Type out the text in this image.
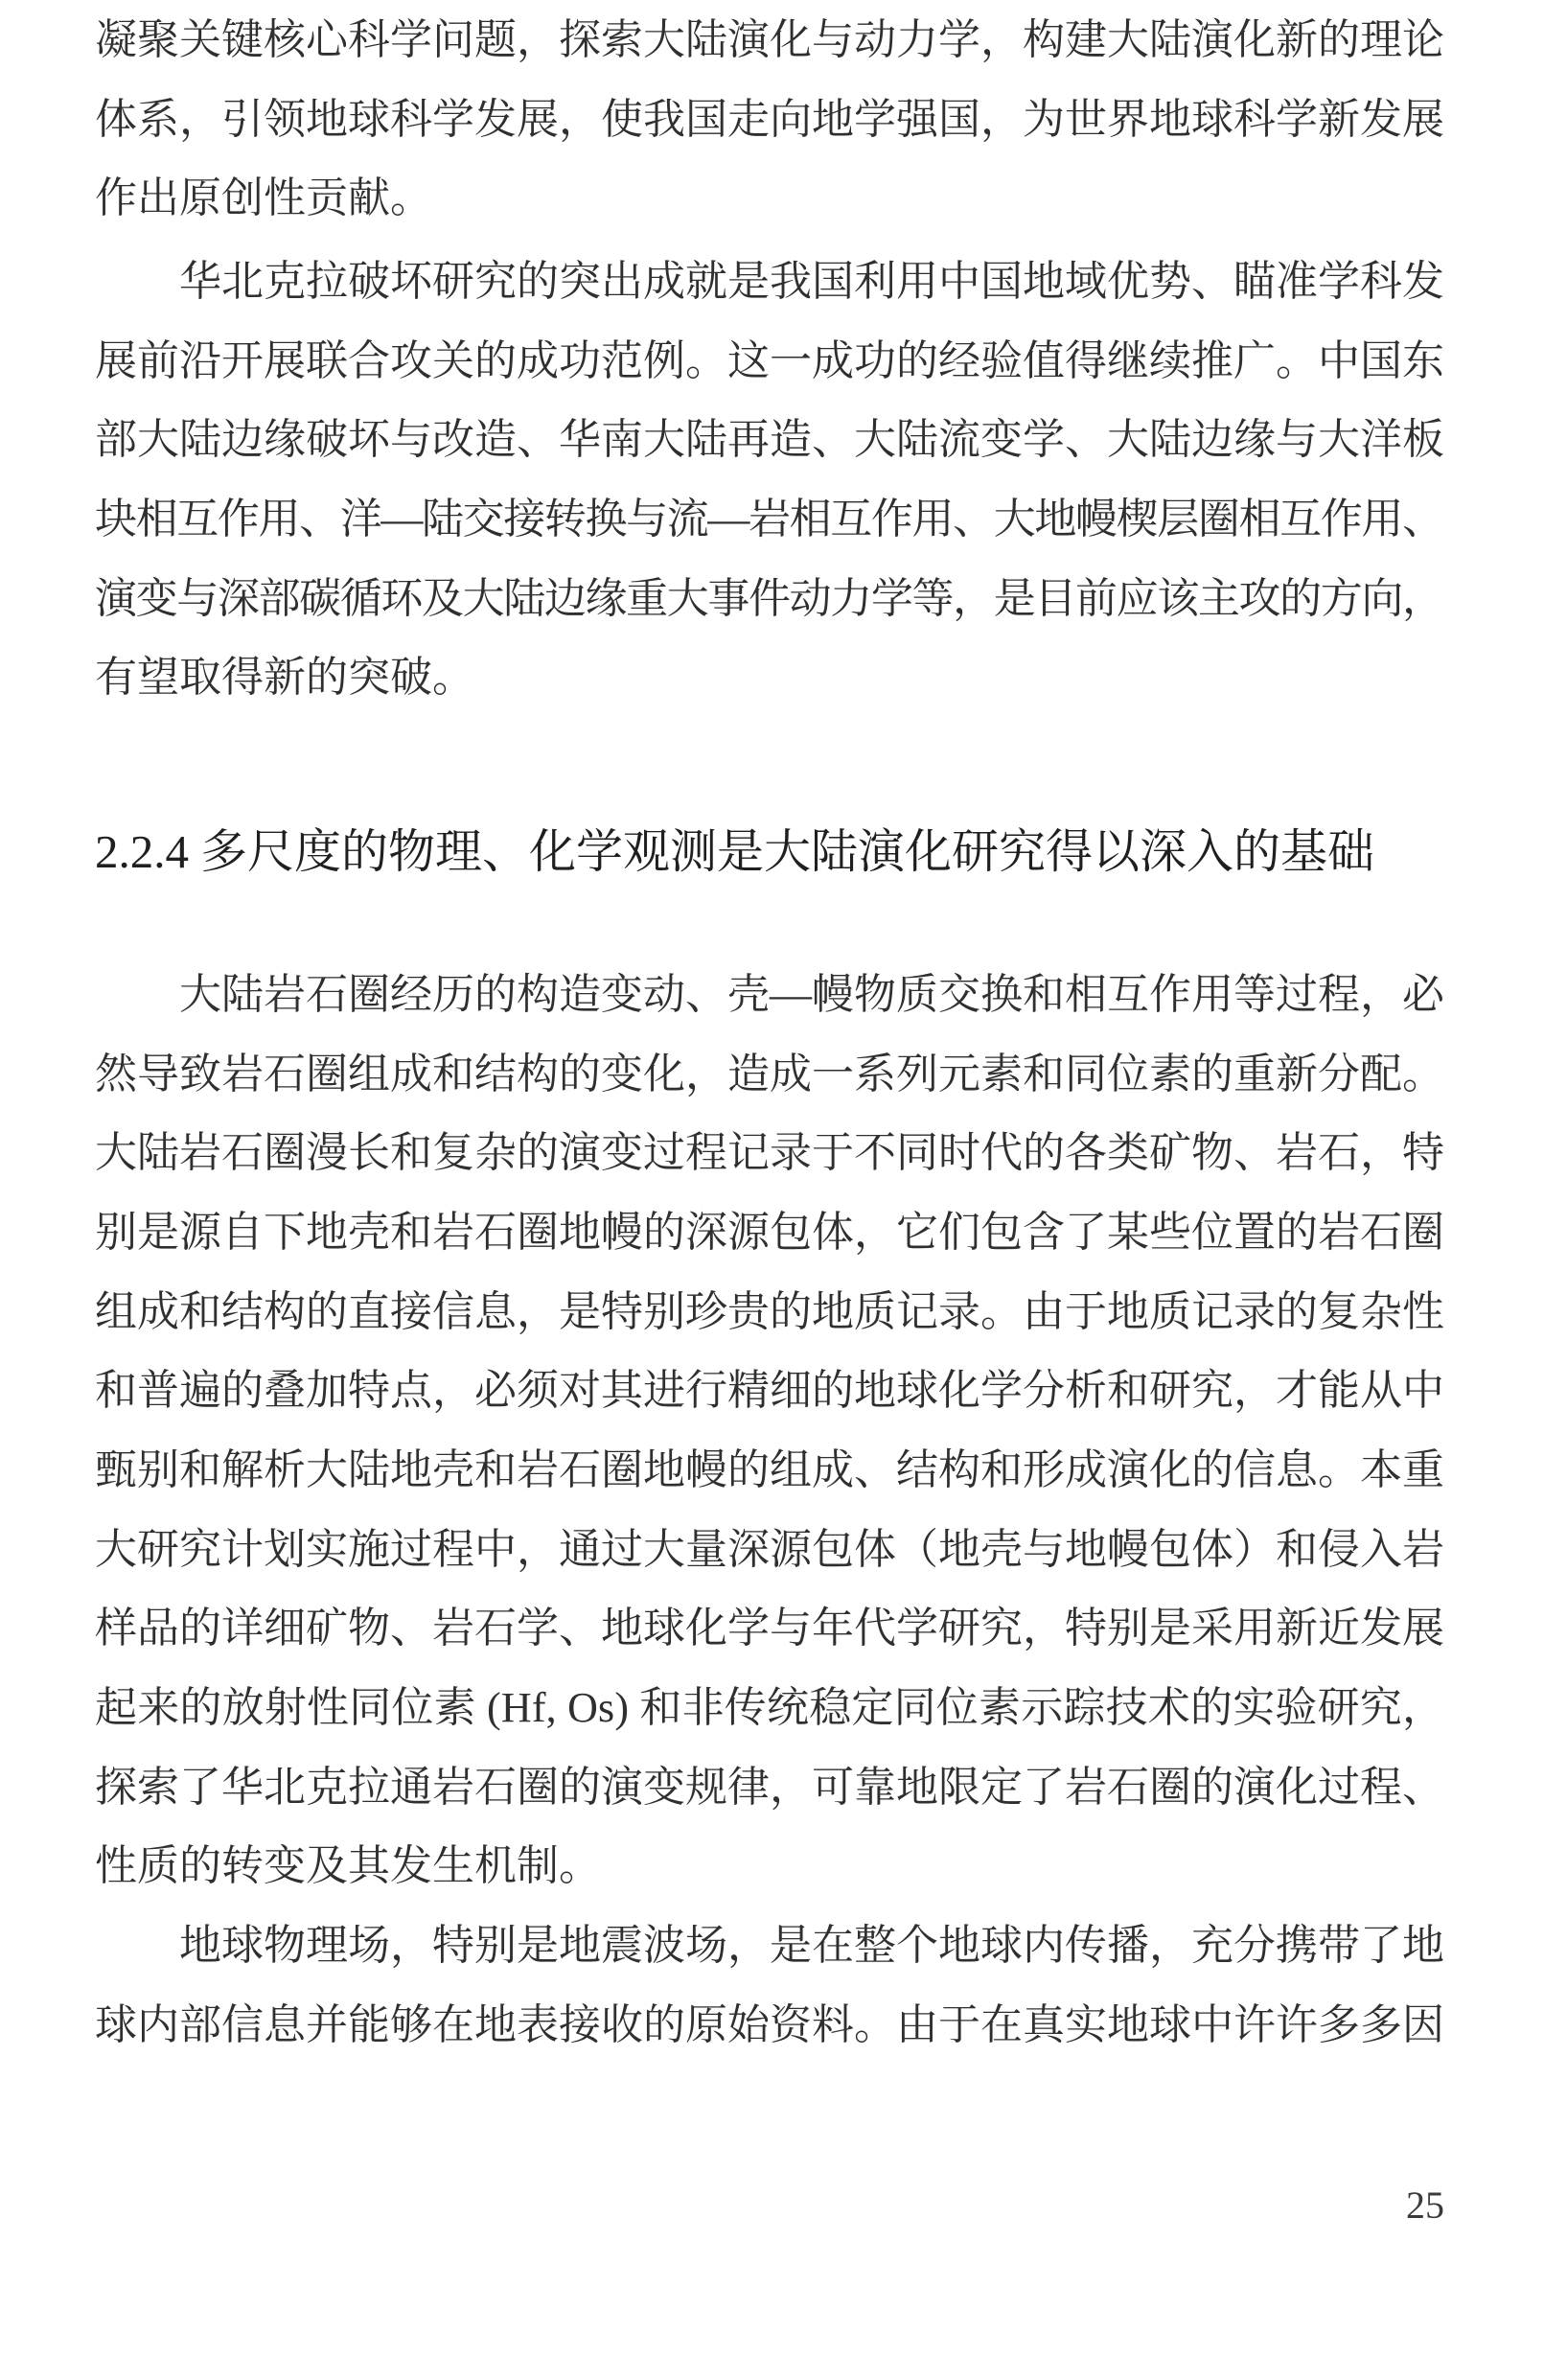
凝聚关键核心科学问题，探索大陆演化与动力学，构建大陆演化新的理论
体系，引领地球科学发展，使我国走向地学强国，为世界地球科学新发展
作出原创性贡献。
华北克拉破坏研究的突出成就是我国利用中国地域优势、瞄准学科发
展前沿开展联合攻关的成功范例。这一成功的经验值得继续推广。中国东
部大陆边缘破坏与改造、华南大陆再造、大陆流变学、大陆边缘与大洋板
块相互作用、洋—陆交接转换与流—岩相互作用、大地幔楔层圈相互作用、
演变与深部碳循环及大陆边缘重大事件动力学等，是目前应该主攻的方向，
有望取得新的突破。
2.2.4 多尺度的物理、化学观测是大陆演化研究得以深入的基础
大陆岩石圈经历的构造变动、壳—幔物质交换和相互作用等过程，必
然导致岩石圈组成和结构的变化，造成一系列元素和同位素的重新分配。
大陆岩石圈漫长和复杂的演变过程记录于不同时代的各类矿物、岩石，特
别是源自下地壳和岩石圈地幔的深源包体，它们包含了某些位置的岩石圈
组成和结构的直接信息，是特别珍贵的地质记录。由于地质记录的复杂性
和普遍的叠加特点，必须对其进行精细的地球化学分析和研究，才能从中
甄别和解析大陆地壳和岩石圈地幔的组成、结构和形成演化的信息。本重
大研究计划实施过程中，通过大量深源包体（地壳与地幔包体）和侵入岩
样品的详细矿物、岩石学、地球化学与年代学研究，特别是采用新近发展
起来的放射性同位素 (Hf, Os) 和非传统稳定同位素示踪技术的实验研究，
探索了华北克拉通岩石圈的演变规律，可靠地限定了岩石圈的演化过程、
性质的转变及其发生机制。
地球物理场，特别是地震波场，是在整个地球内传播，充分携带了地
球内部信息并能够在地表接收的原始资料。由于在真实地球中许许多多因
25
